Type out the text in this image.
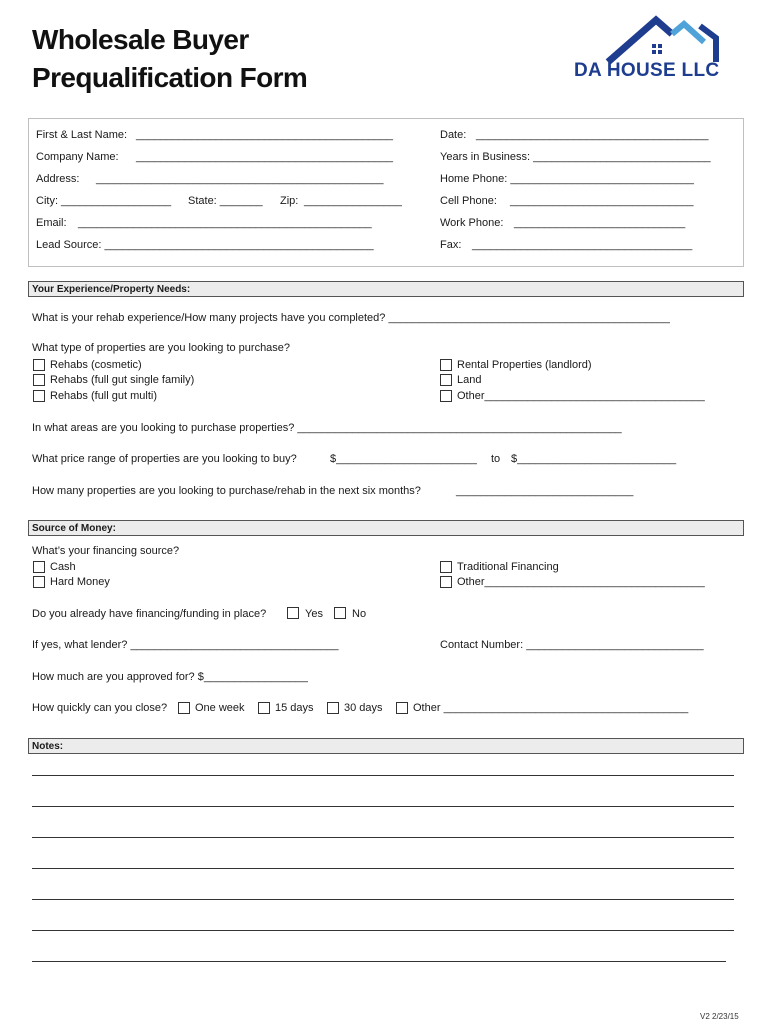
Wholesale Buyer
Prequalification Form	DA HOUSE LLC
First & Last Name: __________________________________________	Date: ______________________________________
Company Name: __________________________________________	Years in Business: _____________________________
Address: _______________________________________________	Home Phone: ______________________________
City: __________________ State: _______ Zip: ________________	Cell Phone: ______________________________
Email: ________________________________________________	Work Phone: ____________________________
Lead Source: ____________________________________________	Fax: ____________________________________
Your Experience/Property Needs:
What is your rehab experience/How many projects have you completed? ______________________________________________
What type of properties are you looking to purchase?
Rehabs (cosmetic)
Rehabs (full gut single family)
Rehabs (full gut multi)
Rental Properties (landlord)
Land
Other____________________________________
In what areas are you looking to purchase properties? _____________________________________________________
What price range of properties are you looking to buy?	$_______________________ to $__________________________
How many properties are you looking to purchase/rehab in the next six months?	_____________________________
Source of Money:
What’s your financing source?
Cash
Hard Money
Traditional Financing
Other____________________________________
Do you already have financing/funding in place?	Yes	No
If yes, what lender? __________________________________	Contact Number: _____________________________
How much are you approved for? $_________________
How quickly can you close?	One week	15 days	30 days	Other ________________________________________
Notes:
V2 2/23/15
